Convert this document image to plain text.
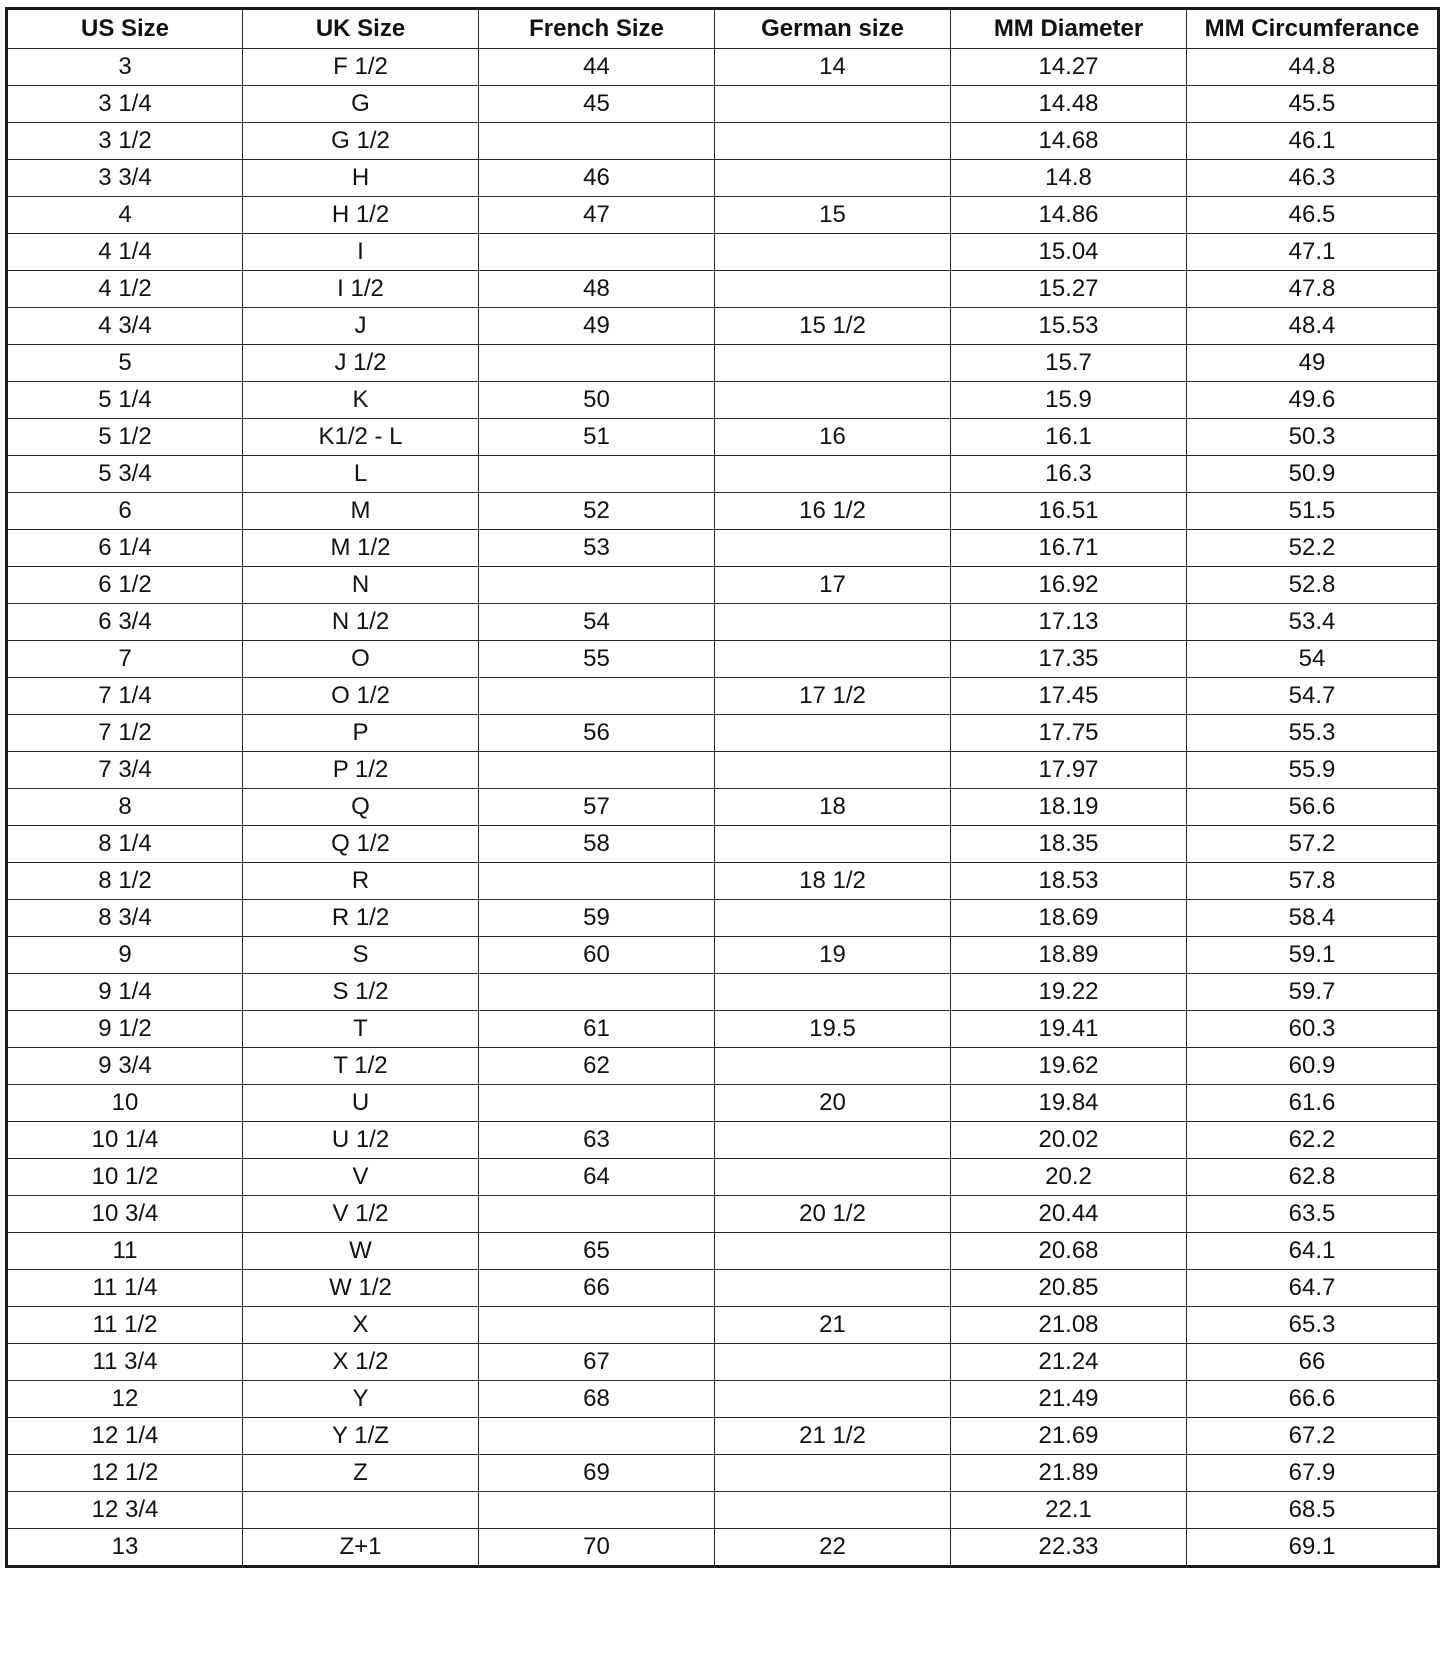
US Size	UK Size	French Size	German size	MM Diameter	MM Circumferance
3	F 1/2	44	14	14.27	44.8
3 1/4	G	45		14.48	45.5
3 1/2	G 1/2			14.68	46.1
3 3/4	H	46		14.8	46.3
4	H 1/2	47	15	14.86	46.5
4 1/4	I			15.04	47.1
4 1/2	I 1/2	48		15.27	47.8
4 3/4	J	49	15 1/2	15.53	48.4
5	J 1/2			15.7	49
5 1/4	K	50		15.9	49.6
5 1/2	K1/2 - L	51	16	16.1	50.3
5 3/4	L			16.3	50.9
6	M	52	16 1/2	16.51	51.5
6 1/4	M 1/2	53		16.71	52.2
6 1/2	N		17	16.92	52.8
6 3/4	N 1/2	54		17.13	53.4
7	O	55		17.35	54
7 1/4	O 1/2		17 1/2	17.45	54.7
7 1/2	P	56		17.75	55.3
7 3/4	P 1/2			17.97	55.9
8	Q	57	18	18.19	56.6
8 1/4	Q 1/2	58		18.35	57.2
8 1/2	R		18 1/2	18.53	57.8
8 3/4	R 1/2	59		18.69	58.4
9	S	60	19	18.89	59.1
9 1/4	S 1/2			19.22	59.7
9 1/2	T	61	19.5	19.41	60.3
9 3/4	T 1/2	62		19.62	60.9
10	U		20	19.84	61.6
10 1/4	U 1/2	63		20.02	62.2
10 1/2	V	64		20.2	62.8
10 3/4	V 1/2		20 1/2	20.44	63.5
11	W	65		20.68	64.1
11 1/4	W 1/2	66		20.85	64.7
11 1/2	X		21	21.08	65.3
11 3/4	X 1/2	67		21.24	66
12	Y	68		21.49	66.6
12 1/4	Y 1/Z		21 1/2	21.69	67.2
12 1/2	Z	69		21.89	67.9
12 3/4				22.1	68.5
13	Z+1	70	22	22.33	69.1
